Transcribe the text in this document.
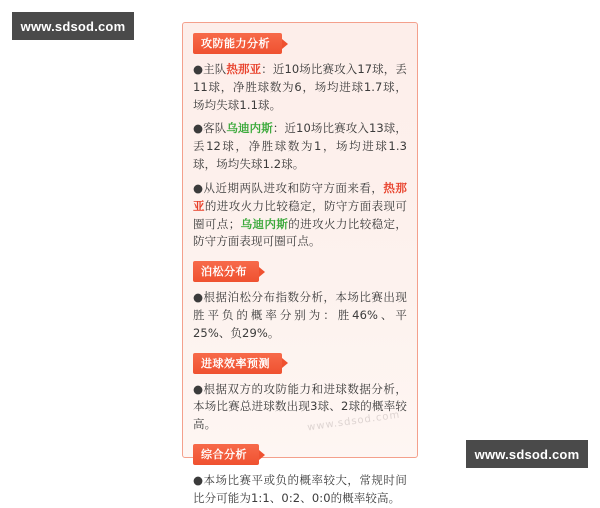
www.sdsod.com
www.sdsod.com
攻防能力分析

●主队热那亚：近10场比赛攻入17球，丢11球，净胜球数为6，场均进球1.7球，场均失球1.1球。

●客队乌迪内斯：近10场比赛攻入13球，丢12球，净胜球数为1，场均进球1.3球，场均失球1.2球。

●从近期两队进攻和防守方面来看，热那亚的进攻火力比较稳定，防守方面表现可圈可点；乌迪内斯的进攻火力比较稳定，防守方面表现可圈可点。

泊松分布

●根据泊松分布指数分析，本场比赛出现胜平负的概率分别为：胜46%、平25%、负29%。

进球效率预测

●根据双方的攻防能力和进球数据分析，本场比赛总进球数出现3球、2球的概率较高。

综合分析

●本场比赛平或负的概率较大，常规时间比分可能为1:1、0:2、0:0的概率较高。

www.sdsod.com
